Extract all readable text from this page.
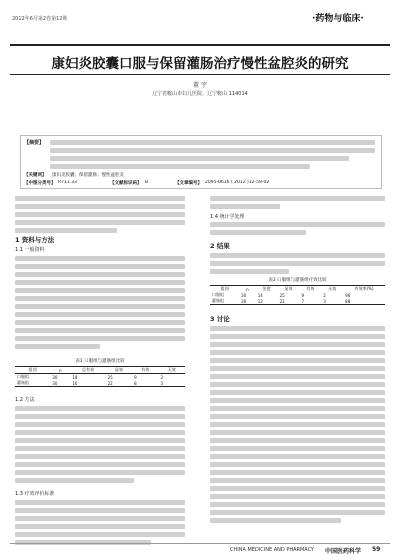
2012年6月第2卷第12期	·药物与临床·
康妇炎胶囊口服与保留灌肠治疗慢性盆腔炎的研究
董 宇
辽宁省鞍山市妇儿医院，辽宁鞍山 114014
【摘要】
【关键词】 康妇炎胶囊；保留灌肠；慢性盆腔炎
【中图分类号】 R711.33	【文献标识码】 B	【文章编号】 2095-0616 ( 2012 )12-59-02
1 资料与方法
1.1 一般资料
表1 口服组与灌肠组比较
组别	n	总有效	显效	有效	无效
口服组	30	18	25	9	2
灌肠组	30	16	22	8	3
1.2 方法
1.3 疗效评价标准
1.4 统计学处理
2 结果
表2 口服组与灌肠组疗效比较
组别	n	治愈	显效	有效	无效	有效率(%)
口服组	30	14	25	9	2	96
灌肠组	30	12	21	7	3	88
3 讨论
CHINA MEDICINE AND PHARMACY 中国医药科学 59
